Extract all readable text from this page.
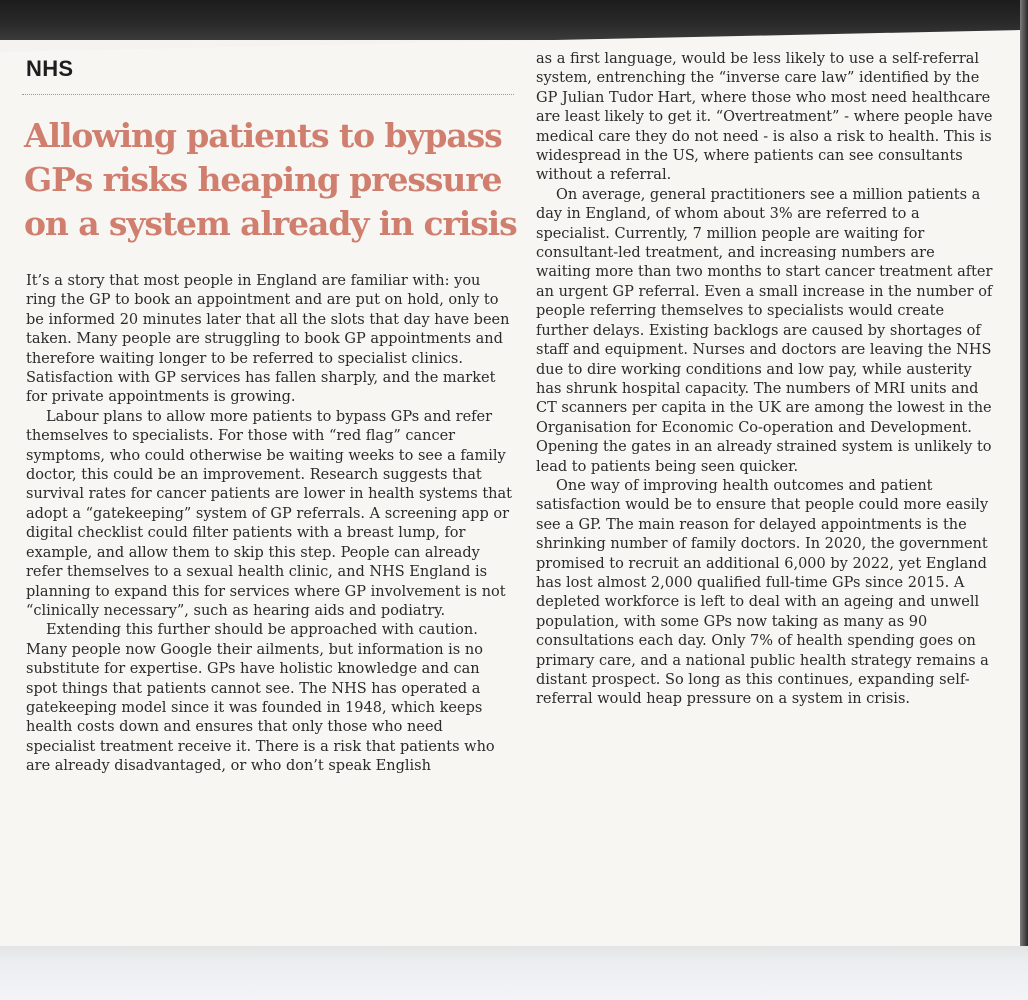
NHS
Allowing patients to bypass GPs risks heaping pressure on a system already in crisis

It’s a story that most people in England are familiar with: you ring the GP to book an appointment and are put on hold, only to be informed 20 minutes later that all the slots that day have been taken. Many people are struggling to book GP appointments and therefore waiting longer to be referred to specialist clinics. Satisfaction with GP services has fallen sharply, and the market for private appointments is growing.

Labour plans to allow more patients to bypass GPs and refer themselves to specialists. For those with “red flag” cancer symptoms, who could otherwise be waiting weeks to see a family doctor, this could be an improvement. Research suggests that survival rates for cancer patients are lower in health systems that adopt a “gatekeeping” system of GP referrals. A screening app or digital checklist could filter patients with a breast lump, for example, and allow them to skip this step. People can already refer themselves to a sexual health clinic, and NHS England is planning to expand this for services where GP involvement is not “clinically necessary”, such as hearing aids and podiatry.

Extending this further should be approached with caution. Many people now Google their ailments, but information is no substitute for expertise. GPs have holistic knowledge and can spot things that patients cannot see. The NHS has operated a gatekeeping model since it was founded in 1948, which keeps health costs down and ensures that only those who need specialist treatment receive it. There is a risk that patients who are already disadvantaged, or who don’t speak English

as a first language, would be less likely to use a self-referral system, entrenching the “inverse care law” identified by the GP Julian Tudor Hart, where those who most need healthcare are least likely to get it. “Overtreatment” - where people have medical care they do not need - is also a risk to health. This is widespread in the US, where patients can see consultants without a referral.

On average, general practitioners see a million patients a day in England, of whom about 3% are referred to a specialist. Currently, 7 million people are waiting for consultant-led treatment, and increasing numbers are waiting more than two months to start cancer treatment after an urgent GP referral. Even a small increase in the number of people referring themselves to specialists would create further delays. Existing backlogs are caused by shortages of staff and equipment. Nurses and doctors are leaving the NHS due to dire working conditions and low pay, while austerity has shrunk hospital capacity. The numbers of MRI units and CT scanners per capita in the UK are among the lowest in the Organisation for Economic Co-operation and Development. Opening the gates in an already strained system is unlikely to lead to patients being seen quicker.

One way of improving health outcomes and patient satisfaction would be to ensure that people could more easily see a GP. The main reason for delayed appointments is the shrinking number of family doctors. In 2020, the government promised to recruit an additional 6,000 by 2022, yet England has lost almost 2,000 qualified full-time GPs since 2015. A depleted workforce is left to deal with an ageing and unwell population, with some GPs now taking as many as 90 consultations each day. Only 7% of health spending goes on primary care, and a national public health strategy remains a distant prospect. So long as this continues, expanding self-referral would heap pressure on a system in crisis.
